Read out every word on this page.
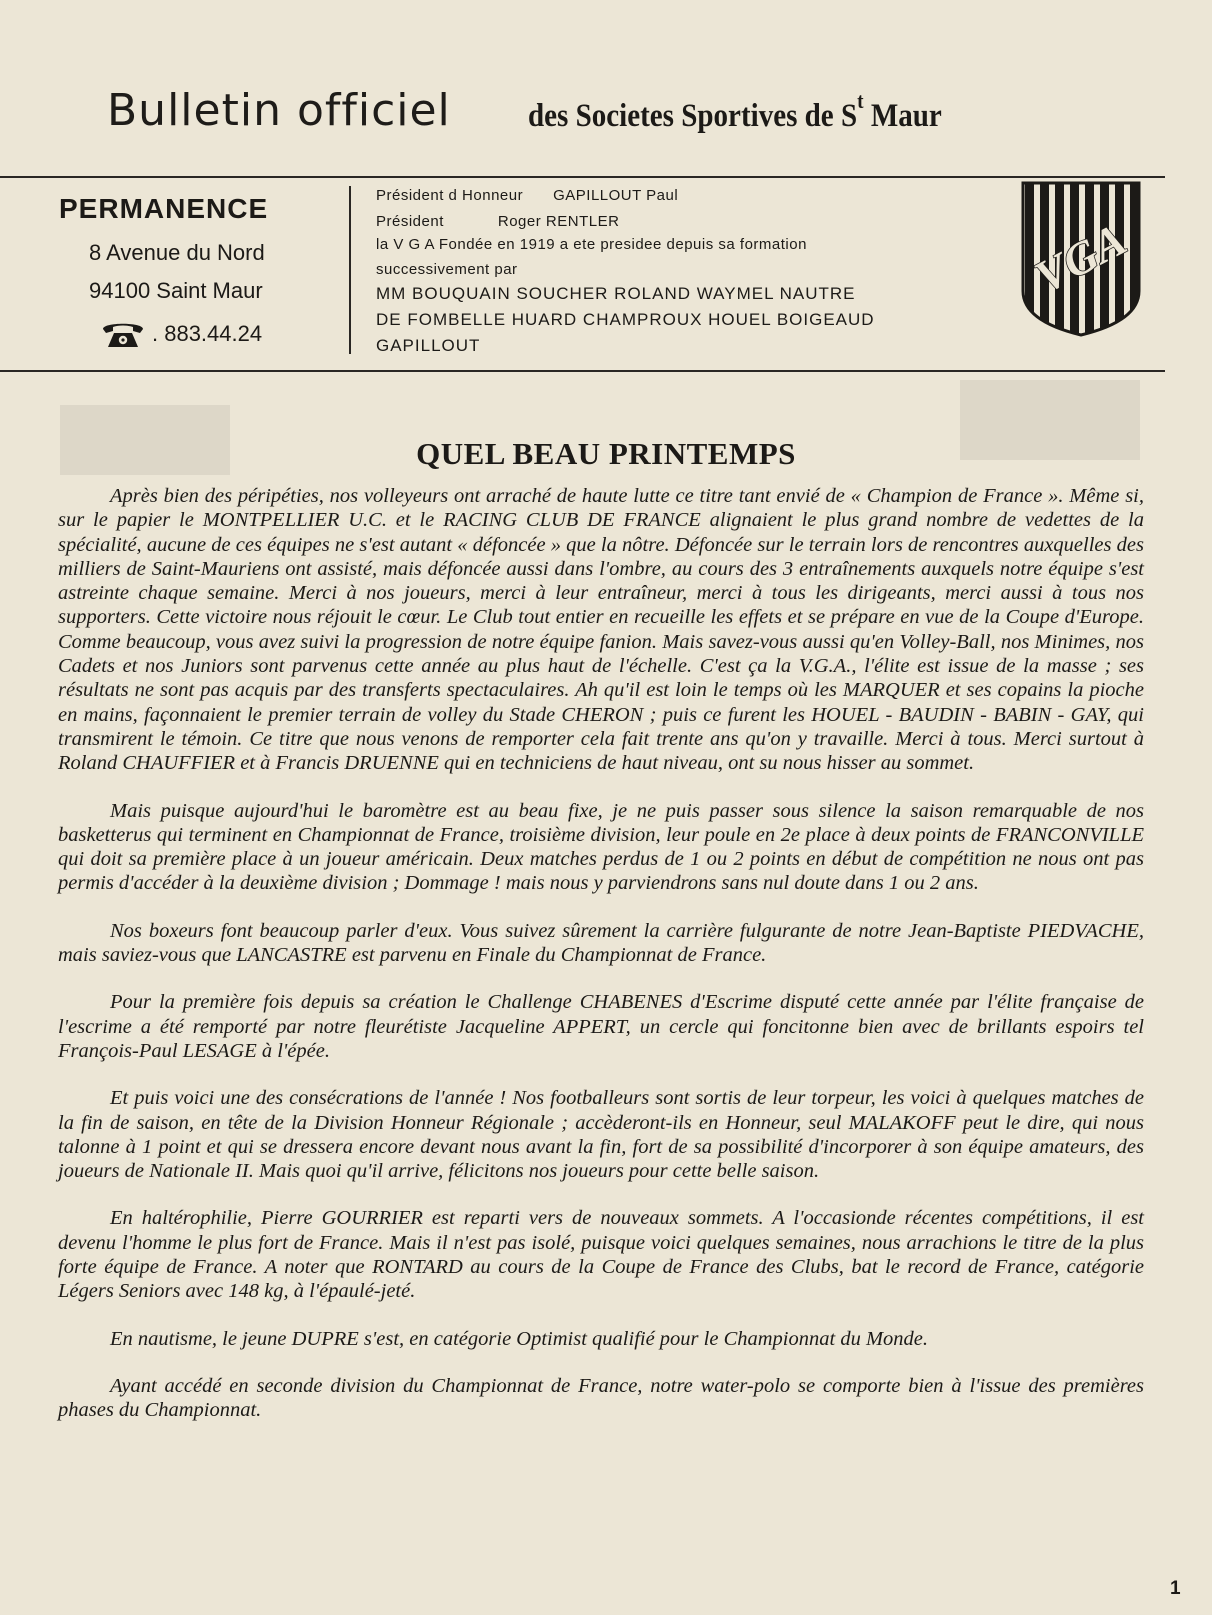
Bulletin officiel des Societes Sportives de $S^t$ Maur
PERMANENCE
8 Avenue du Nord
94100 Saint Maur
. 883.44.24
Président d Honneur GAPILLOUT Paul
Président	Roger RENTLER
la V G A Fondée en 1919 a ete presidee depuis sa formation
successivement par
MM BOUQUAIN SOUCHER ROLAND WAYMEL NAUTRE
DE FOMBELLE HUARD CHAMPROUX HOUEL BOIGEAUD
GAPILLOUT
VGA
QUEL BEAU PRINTEMPS

Après bien des péripéties, nos volleyeurs ont arraché de haute lutte ce titre tant envié de « Champion de France ». Même si, sur le papier le MONTPELLIER U.C. et le RACING CLUB DE FRANCE alignaient le plus grand nombre de vedettes de la spécialité, aucune de ces équipes ne s'est autant « défoncée » que la nôtre. Défoncée sur le terrain lors de rencontres auxquelles des milliers de Saint-Mauriens ont assisté, mais défoncée aussi dans l'ombre, au cours des 3 entraînements auxquels notre équipe s'est astreinte chaque semaine. Merci à nos joueurs, merci à leur entraîneur, merci à tous les dirigeants, merci aussi à tous nos supporters. Cette victoire nous réjouit le cœur. Le Club tout entier en recueille les effets et se prépare en vue de la Coupe d'Europe. Comme beaucoup, vous avez suivi la progression de notre équipe fanion. Mais savez-vous aussi qu'en Volley-Ball, nos Minimes, nos Cadets et nos Juniors sont parvenus cette année au plus haut de l'échelle. C'est ça la V.G.A., l'élite est issue de la masse ; ses résultats ne sont pas acquis par des transferts spectaculaires. Ah qu'il est loin le temps où les MARQUER et ses copains la pioche en mains, façonnaient le premier terrain de volley du Stade CHERON ; puis ce furent les HOUEL - BAUDIN - BABIN - GAY, qui transmirent le témoin. Ce titre que nous venons de remporter cela fait trente ans qu'on y travaille. Merci à tous. Merci surtout à Roland CHAUFFIER et à Francis DRUENNE qui en techniciens de haut niveau, ont su nous hisser au sommet.

Mais puisque aujourd'hui le baromètre est au beau fixe, je ne puis passer sous silence la saison remarquable de nos basketterus qui terminent en Championnat de France, troisième division, leur poule en 2e place à deux points de FRANCONVILLE qui doit sa première place à un joueur américain. Deux matches perdus de 1 ou 2 points en début de compétition ne nous ont pas permis d'accéder à la deuxième division ; Dommage ! mais nous y parviendrons sans nul doute dans 1 ou 2 ans.

Nos boxeurs font beaucoup parler d'eux. Vous suivez sûrement la carrière fulgurante de notre Jean-Baptiste PIEDVACHE, mais saviez-vous que LANCASTRE est parvenu en Finale du Championnat de France.

Pour la première fois depuis sa création le Challenge CHABENES d'Escrime disputé cette année par l'élite française de l'escrime a été remporté par notre fleurétiste Jacqueline APPERT, un cercle qui foncitonne bien avec de brillants espoirs tel François-Paul LESAGE à l'épée.

Et puis voici une des consécrations de l'année ! Nos footballeurs sont sortis de leur torpeur, les voici à quelques matches de la fin de saison, en tête de la Division Honneur Régionale ; accèderont-ils en Honneur, seul MALAKOFF peut le dire, qui nous talonne à 1 point et qui se dressera encore devant nous avant la fin, fort de sa possibilité d'incorporer à son équipe amateurs, des joueurs de Nationale II. Mais quoi qu'il arrive, félicitons nos joueurs pour cette belle saison.

En haltérophilie, Pierre GOURRIER est reparti vers de nouveaux sommets. A l'occasionde récentes compétitions, il est devenu l'homme le plus fort de France. Mais il n'est pas isolé, puisque voici quelques semaines, nous arrachions le titre de la plus forte équipe de France. A noter que RONTARD au cours de la Coupe de France des Clubs, bat le record de France, catégorie Légers Seniors avec 148 kg, à l'épaulé-jeté.

En nautisme, le jeune DUPRE s'est, en catégorie Optimist qualifié pour le Championnat du Monde.

Ayant accédé en seconde division du Championnat de France, notre water-polo se comporte bien à l'issue des premières phases du Championnat.

1
